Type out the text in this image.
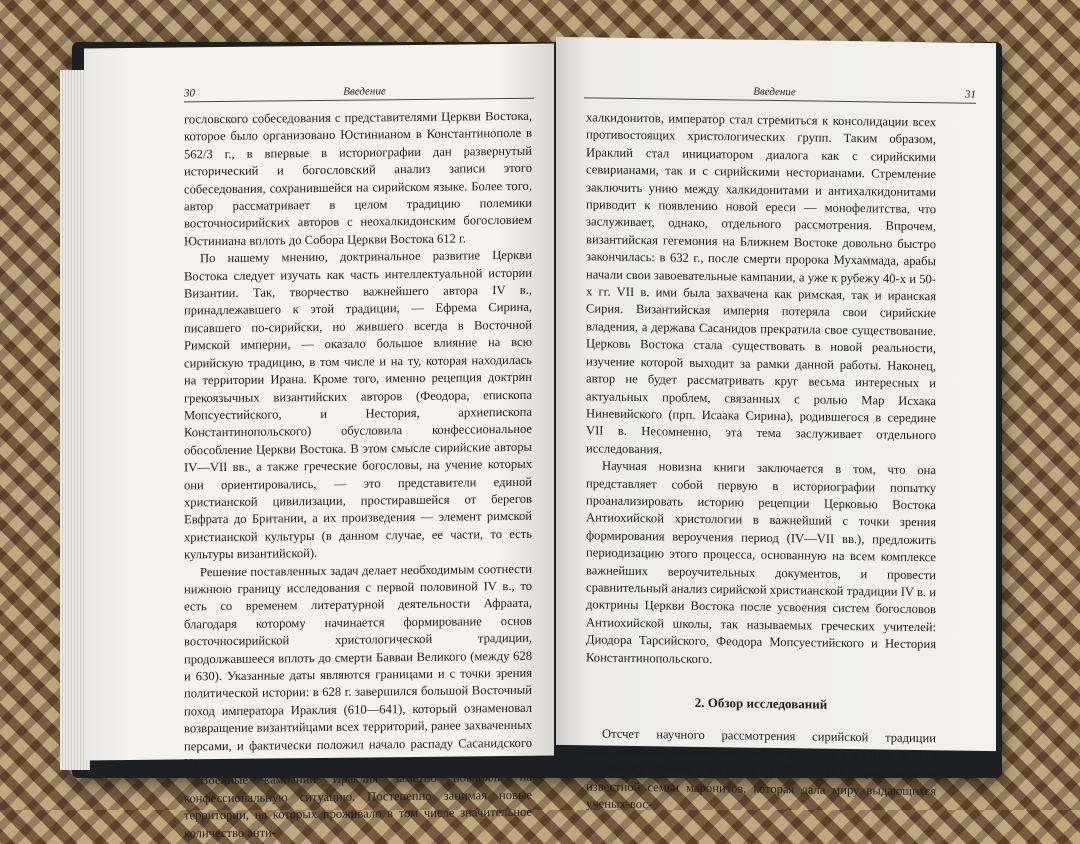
30	Введение

гословского собеседования с представителями Церкви Востока, которое было организовано Юстинианом в Константинополе в 562/3 г., в впервые в историографии дан развернутый исторический и богословский анализ записи этого собеседования, сохранившейся на сирийском языке. Более того, автор рассматривает в целом традицию полемики восточносирийских авторов с неохалкидонским богословием Юстиниана вплоть до Собора Церкви Востока 612 г.

По нашему мнению, доктринальное развитие Церкви Востока следует изучать как часть интеллектуальной истории Византии. Так, творчество важнейшего автора IV в., принадлежавшего к этой традиции, — Ефрема Сирина, писавшего по-сирийски, но жившего всегда в Восточной Римской империи, — оказало большое влияние на всю сирийскую традицию, в том числе и на ту, которая находилась на территории Ирана. Кроме того, именно рецепция доктрин грекоязычных византийских авторов (Феодора, епископа Мопсуестийского, и Нестория, архиепископа Константинопольского) обусловила конфессиональное обособление Церкви Востока. В этом смысле сирийские авторы IV—VII вв., а также греческие богословы, на учение которых они ориентировались, — это представители единой христианской цивилизации, простиравшейся от берегов Евфрата до Британии, а их произведения — элемент римской христианской культуры (в данном случае, ее части, то есть культуры византийской).

Решение поставленных задач делает необходимым соотнести нижнюю границу исследования с первой половиной IV в., то есть со временем литературной деятельности Афраата, благодаря которому начинается формирование основ восточносирийской христологической традиции, продолжавшееся вплоть до смерти Бавваи Великого (между 628 и 630). Указанные даты являются границами и с точки зрения политической истории: в 628 г. завершился большой Восточный поход императора Ираклия (610—641), который ознаменовал возвращение византийцами всех территорий, ранее захваченных персами, и фактически положил начало распаду Сасанидского Ирана.

Военные кампании Ираклия заметно повлияли на конфессиональную ситуацию. Постепенно занимая новые территории, на которых проживало в том числе значительное количество анти-

Введение	31

халкидонитов, император стал стремиться к консолидации всех противостоящих христологических групп. Таким образом, Ираклий стал инициатором диалога как с сирийскими севирианами, так и с сирийскими несторианами. Стремление заключить унию между халкидонитами и антихалкидонитами приводит к появлению новой ереси — монофелитства, что заслуживает, однако, отдельного рассмотрения. Впрочем, византийская гегемония на Ближнем Востоке довольно быстро закончилась: в 632 г., после смерти пророка Мухаммада, арабы начали свои завоевательные кампании, а уже к рубежу 40-х и 50-х гг. VII в. ими была захвачена как римская, так и иранская Сирия. Византийская империя потеряла свои сирийские владения, а держава Сасанидов прекратила свое существование. Церковь Востока стала существовать в новой реальности, изучение которой выходит за рамки данной работы. Наконец, автор не будет рассматривать круг весьма интересных и актуальных проблем, связанных с ролью Мар Исхака Ниневийского (прп. Исаака Сирина), родившегося в середине VII в. Несомненно, эта тема заслуживает отдельного исследования.

Научная новизна книги заключается в том, что она представляет собой первую в историографии попытку проанализировать историю рецепции Церковью Востока Антиохийской христологии в важнейший с точки зрения формирования вероучения период (IV—VII вв.), предложить периодизацию этого процесса, основанную на всем комплексе важнейших вероучительных документов, и провести сравнительный анализ сирийской христианской традиции IV в. и доктрины Церкви Востока после усвоения систем богословов Антиохийской школы, так называемых греческих учителей: Диодора Тарсийского, Феодора Мопсуестийского и Нестория Константинопольского.

2. Обзор исследований

Отсчет научного рассмотрения сирийской традиции западными исследователями следует начинать с XVIII в. В 1719 г. Иосиф Симон Ассемани (1686—1768), представитель известной семьи маронитов, которая дала миру выдающихся ученых-вос-
